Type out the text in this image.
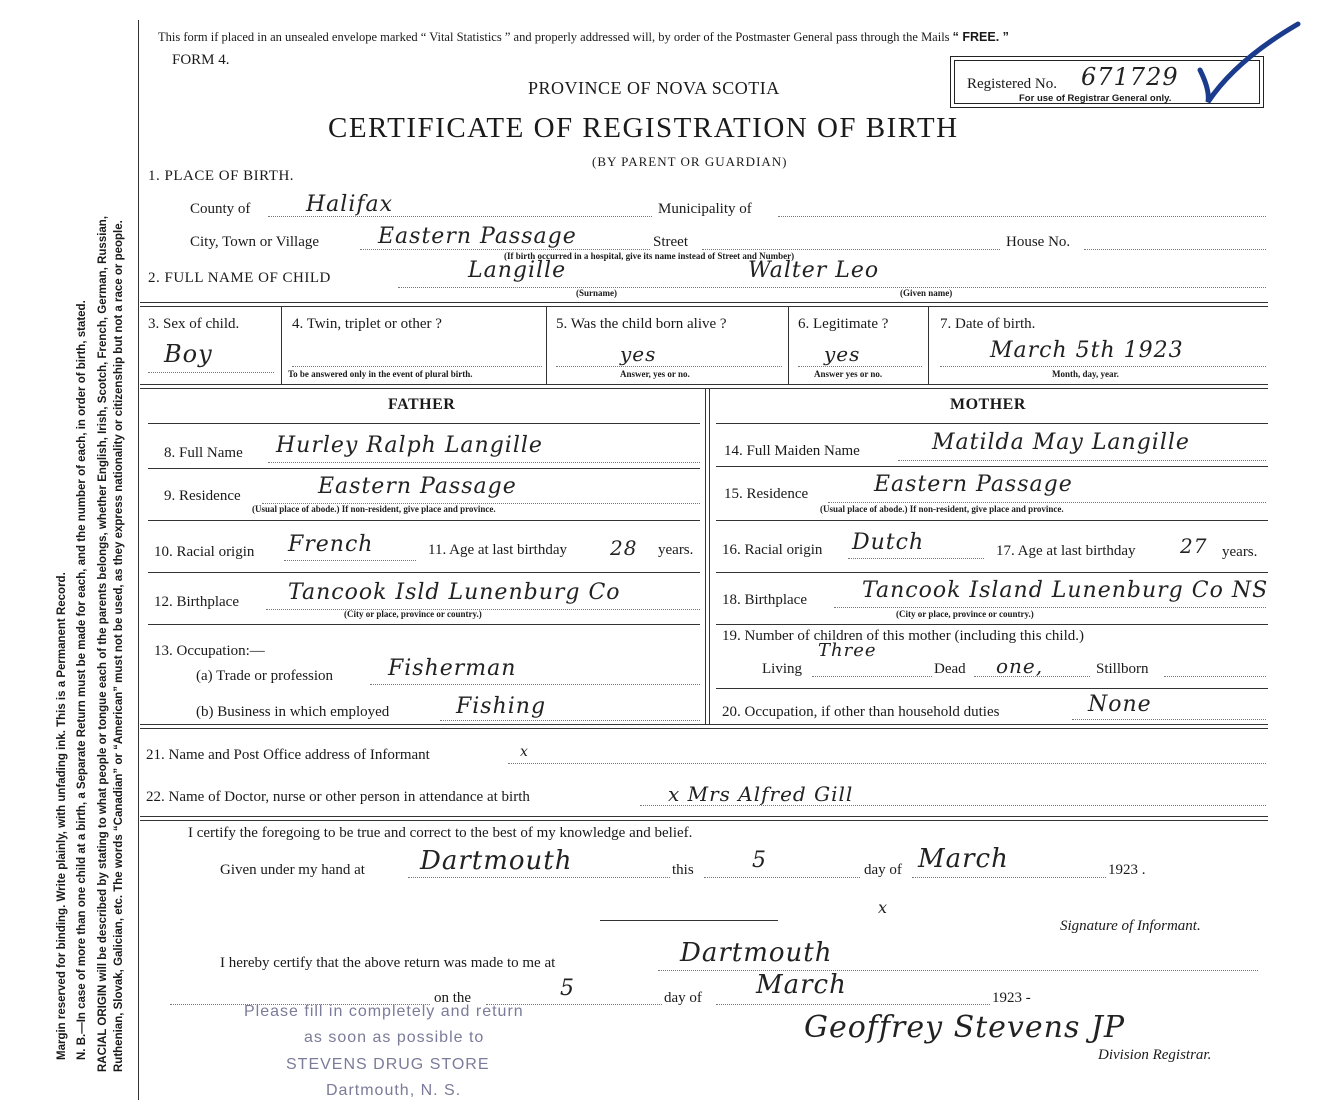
Margin reserved for binding. Write plainly, with unfading ink. This is a Permanent Record. N. B.—In case of more than one child at a birth, a Separate Return must be made for each, and the number of each, in order of birth, stated. RACIAL ORIGIN will be described by stating to what people or tongue each of the parents belongs, whether English, Irish, Scotch, French, German, Russian, Ruthenian, Slovak, Galician, etc. The words “Canadian” or “American” must not be used, as they express nationality or citizenship but not a race or people.
This form if placed in an unsealed envelope marked “ Vital Statistics ” and properly addressed will, by order of the Postmaster General pass through the Mails “ FREE. ”
FORM 4.
PROVINCE OF NOVA SCOTIA
CERTIFICATE OF REGISTRATION OF BIRTH
(BY PARENT OR GUARDIAN)
Registered No. 671729
For use of Registrar General only.
1. PLACE OF BIRTH.
County of	Halifax	Municipality of
City, Town or Village	Eastern Passage	Street	House No.
(If birth occurred in a hospital, give its name instead of Street and Number)
2. FULL NAME OF CHILD	Langille
(Surname)
Walter Leo
(Given name)
3. Sex of child.
Boy
4. Twin, triplet or other ?
To be answered only in the event of plural birth.
5. Was the child born alive ?
yes
Answer, yes or no.
6. Legitimate ?
yes
Answer yes or no.
7. Date of birth.
March 5th 1923
Month, day, year.
FATHER
8. Full Name Hurley Ralph Langille
9. Residence	Eastern Passage
(Usual place of abode.) If non-resident, give place and province.
10. Racial origin French	11. Age at last birthday 28 years.
12. Birthplace Tancook Isld Lunenburg Co
(City or place, province or country.)
13. Occupation:—
(a) Trade or profession Fisherman
(b) Business in which employed	Fishing
MOTHER
14. Full Maiden Name	Matilda May Langille
15. Residence	Eastern Passage
(Usual place of abode.) If non-resident, give place and province.
16. Racial origin Dutch	17. Age at last birthday 27 years.
18. Birthplace	Tancook Island Lunenburg Co NS
(City or place, province or country.)
19. Number of children of this mother (including this child.)
Living
Three
Dead one,	Stillborn
20. Occupation, if other than household duties	None
21. Name and Post Office address of Informant	x
22. Name of Doctor, nurse or other person in attendance at birth	x Mrs Alfred Gill
I certify the foregoing to be true and correct to the best of my knowledge and belief.
Given under my hand at Dartmouth	this	5	day of March	1923 .
x
Signature of Informant.
I hereby certify that the above return was made to me at	Dartmouth
on the	5	day of March	1923 -
Geoffrey Stevens JP
Division Registrar.
Please fill in completely and return
as soon as possible to
STEVENS DRUG STORE
Dartmouth, N. S.
